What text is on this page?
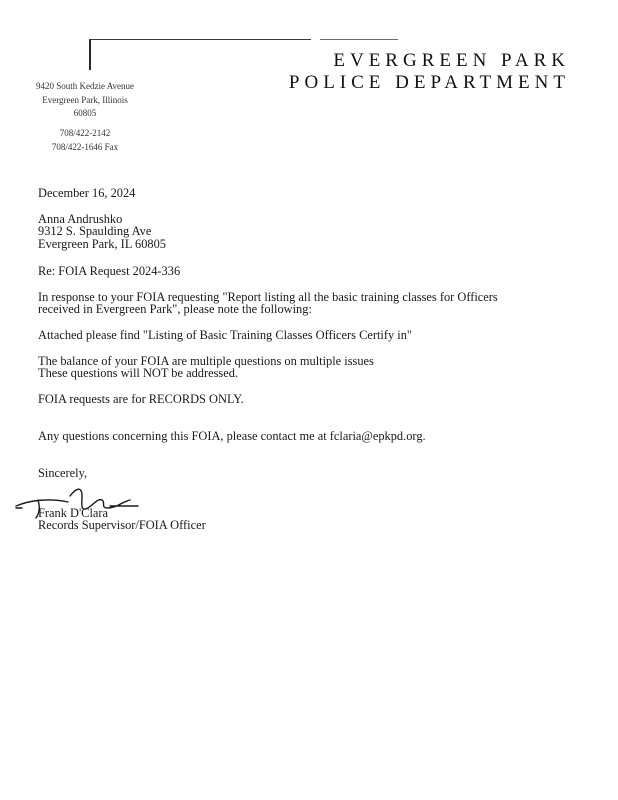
EVERGREEN PARK
POLICE DEPARTMENT
9420 South Kedzie Avenue
Evergreen Park, Illinois
60805
708/422-2142
708/422-1646 Fax
December 16, 2024
Anna Andrushko
9312 S. Spaulding Ave
Evergreen Park, IL 60805
Re: FOIA Request 2024-336
In response to your FOIA requesting "Report listing all the basic training classes for Officers
received in Evergreen Park", please note the following:
Attached please find "Listing of Basic Training Classes Officers Certify in"
The balance of your FOIA are multiple questions on multiple issues
These questions will NOT be addressed.
FOIA requests are for RECORDS ONLY.
Any questions concerning this FOIA, please contact me at fclaria@epkpd.org.
Sincerely,
Frank D'Clara
Records Supervisor/FOIA Officer
